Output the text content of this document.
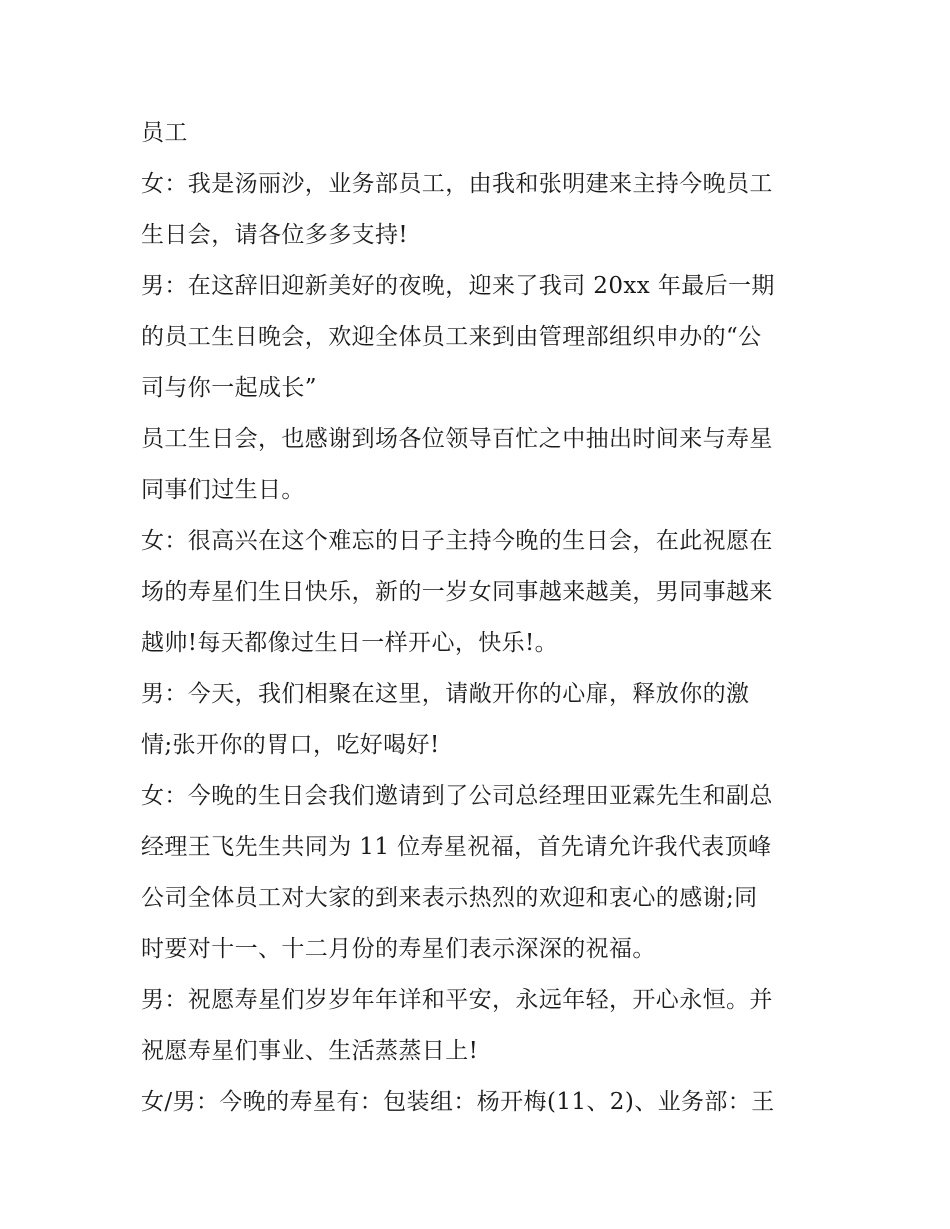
员工
女：我是汤丽沙，业务部员工，由我和张明建来主持今晚员工
生日会，请各位多多支持!
男：在这辞旧迎新美好的夜晚，迎来了我司 20xx 年最后一期
的员工生日晚会，欢迎全体员工来到由管理部组织申办的“公
司与你一起成长”
员工生日会，也感谢到场各位领导百忙之中抽出时间来与寿星
同事们过生日。
女：很高兴在这个难忘的日子主持今晚的生日会，在此祝愿在
场的寿星们生日快乐，新的一岁女同事越来越美，男同事越来
越帅!每天都像过生日一样开心，快乐!。
男：今天，我们相聚在这里，请敞开你的心扉，释放你的激
情;张开你的胃口，吃好喝好!
女：今晚的生日会我们邀请到了公司总经理田亚霖先生和副总
经理王飞先生共同为 11 位寿星祝福，首先请允许我代表顶峰
公司全体员工对大家的到来表示热烈的欢迎和衷心的感谢;同
时要对十一、十二月份的寿星们表示深深的祝福。
男：祝愿寿星们岁岁年年详和平安，永远年轻，开心永恒。并
祝愿寿星们事业、生活蒸蒸日上!
女/男：今晚的寿星有：包装组：杨开梅(11、2)、业务部：王
